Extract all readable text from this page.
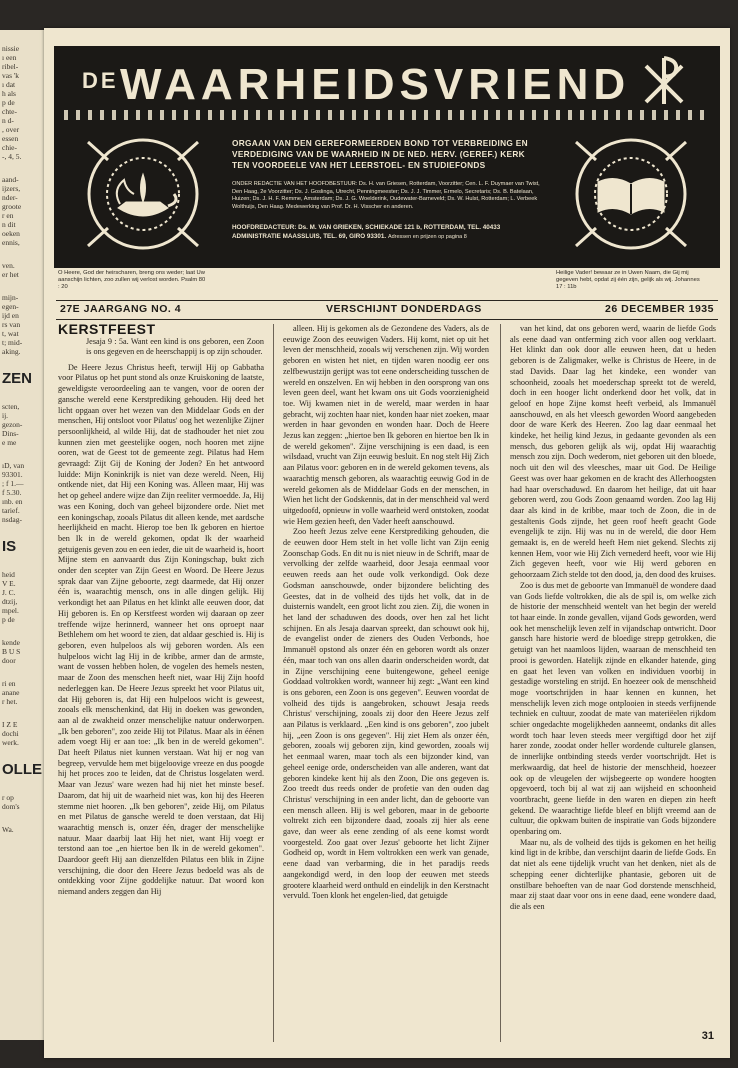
nissie
ı een
ribel-
vas 'k
ı dat
h als
p de
chte-
n d-
, over
essen
chie-
-, 4, 5.
aand-
ijzers,
nder-
groote
r en
n dit
oeken
ennis,
ven.
er het
mijn-
egen-
ijd en
rs van
t, wat
t; mid-
aking.
ZEN
scten,
ij.
gezon-
Dins-
e me
ıD, van
93301.
; f 1.—
f 5.30.
ınb. en
tarief.
nsdag-
IS
heid
V E.
J. C.
dtzij,
mpel.
p de
kende
B U S
door
ri en
anane
r het.
I Z E
dochi
werk.
OLLE
r op
dom's
Wa.
DE WAARHEIDSVRIEND
ORGAAN VAN DEN GEREFORMEERDEN BOND TOT VERBREIDING EN
VERDEDIGING VAN DE WAARHEID IN DE NED. HERV. (GEREF.) KERK
TEN VOORDEELE VAN HET LEERSTOEL- EN STUDIEFONDS
ONDER REDACTIE VAN HET HOOFDBESTUUR: Ds. H. van Griesen, Rotterdam, Voorzitter; Cen. L. F. Duymaer van Twist, Den Haag, 2e Voorzitter; Ds. J. Goslinga, Utrecht, Penningmeester; Ds. J. J. Timmer, Ermelo, Secretaris; Ds. B. Batelaan, Huizen; Ds. J. H. F. Remme, Amsterdam; Ds. J. G. Woelderink, Oudewater-Barneveld; Ds. W. Hulst, Rotterdam; L. Verbeek Wolthuijs, Den Haag. Medewerking van Prof. Dr. H. Visscher en anderen.
HOOFDREDACTEUR: Ds. M. VAN GRIEKEN, SCHIEKADE 121 b, ROTTERDAM, TEL. 40433
ADMINISTRATIE MAASSLUIS, TEL. 69, GIRO 93301. Adressen en prijzen op pagina 8
O Heere, God der heirscharen, breng ons weder; laat Uw aanschijn lichten, zoo zullen wij verlost worden. Psalm 80 : 20
Heilige Vader! bewaar ze in Uwen Naam, die Gij mij gegeven hebt, opdat zij één zijn, gelijk als wij. Johannes 17 : 11b
27E JAARGANG NO. 4	VERSCHIJNT DONDERDAGS	26 DECEMBER 1935
KERSTFEEST
Jesaja 9 : 5a. Want een kind is ons geboren, een Zoon is ons gegeven en de heerschappij is op zijn schouder.

De Heere Jezus Christus heeft, terwijl Hij op Gabbatha voor Pilatus op het punt stond als onze Kruiskoning de laatste, geweldigste veroordeeling aan te vangen, voor de ooren der gansche wereld eene Kerstprediking gehouden. Hij deed het licht opgaan over het wezen van den Middelaar Gods en der menschen, Hij ontsloot voor Pilatus' oog het wezenlijke Zijner persoonlijkheid, al wilde Hij, dat de stadhouder het niet zou kunnen zien met geestelijke oogen, noch hooren met zijne ooren, wat de Geest tot de gemeente zegt. Pilatus had Hem gevraagd: Zijt Gij de Koning der Joden? En het antwoord luidde: Mijn Koninkrijk is niet van deze wereld. Neen, Hij ontkende niet, dat Hij een Koning was. Alleen maar, Hij was het op geheel andere wijze dan Zijn reeliter vermoedde. Ja, Hij was een Koning, doch van geheel bijzondere orde. Niet met een koningschap, zooals Pilatus dit alleen kende, met aardsche heerlijkheid en macht. Hierop toe ben Ik geboren en hiertoe ben Ik in de wereld gekomen, opdat Ik der waarheid getuigenis geven zou en een ieder, die uit de waarheid is, hoort Mijne stem en aanvaardt dus Zijn Koningschap, bukt zich onder den scepter van Zijn Geest en Woord. De Heere Jezus sprak daar van Zijne geboorte, zegt daarmede, dat Hij onzer één is, waarachtig mensch, ons in alle dingen gelijk. Hij verkondigt het aan Pilatus en het klinkt alle eeuwen door, dat Hij geboren is. En op Kerstfeest worden wij daaraan op zeer treffende wijze herinnerd, wanneer het ons oproept naar Bethlehem om het woord te zien, dat aldaar geschied is. Hij is geboren, even hulpeloos als wij geboren worden. Als een hulpeloos wicht lag Hij in de kribbe, armer dan de armste, want de vossen hebben holen, de vogelen des hemels nesten, maar de Zoon des menschen heeft niet, waar Hij Zijn hoofd nederleggen kan. De Heere Jezus spreekt het voor Pilatus uit, dat Hij geboren is, dat Hij een hulpeloos wicht is geweest, zooals elk menschenkind, dat Hij in doeken was gewonden, aan al de zwakheid onzer menschelijke natuur onderworpen. „Ik ben geboren", zoo zeide Hij tot Pilatus. Maar als in éénen adem voegt Hij er aan toe: „Ik ben in de wereld gekomen". Dat heeft Pilatus niet kunnen verstaan. Wat hij er nog van begreep, vervulde hem met bijgeloovige vreeze en dus poogde hij het proces zoo te leiden, dat de Christus losgelaten werd. Maar van Jezus' ware wezen had hij niet het minste besef. Daarom, dat hij uit de waarheid niet was, kon hij des Heeren stemme niet hooren. „Ik ben geboren", zeide Hij, om Pilatus en met Pilatus de gansche wereld te doen verstaan, dat Hij waarachtig mensch is, onzer één, drager der menschelijke natuur. Maar daarbij laat Hij het niet, want Hij voegt er terstond aan toe „en hiertoe ben Ik in de wereld gekomen". Daardoor geeft Hij aan dienzelfden Pilatus een blik in Zijne verschijning, die door den Heere Jezus bedoeld was als de ontdekking voor Zijne goddelijke natuur. Dat woord kon niemand anders zeggen dan Hij

alleen. Hij is gekomen als de Gezondene des Vaders, als de eeuwige Zoon des eeuwigen Vaders. Hij komt, niet op uit het leven der menschheid, zooals wij verschenen zijn. Wij worden geboren en wisten het niet, en tijden waren noodig eer ons zelfbewustzijn gerijpt was tot eene onderscheiding tusschen de wereld en onszelven. En wij hebben in den oorsprong van ons leven geen deel, want het kwam ons uit Gods voorzienigheid toe. Wij kwamen niet in de wereld, maar werden in haar gebracht, wij zochten haar niet, konden haar niet zoeken, maar werden in haar gevonden en wonden haar. Doch de Heere Jezus kan zeggen: „hiertoe ben Ik geboren en hiertoe ben Ik in de wereld gekomen". Zijne verschijning is een daad, is een wilsdaad, vrucht van Zijn eeuwig besluit. En nog stelt Hij Zich aan Pilatus voor: geboren en in de wereld gekomen tevens, als waarachtig mensch geboren, als waarachtig eeuwig God in de wereld gekomen als de Middelaar Gods en der menschen, in Wien het licht der Godskennis, dat in der menschheid val werd uitgedoofd, opnieuw in volle waarheid werd ontstoken, zoodat wie Hem gezien heeft, den Vader heeft aanschouwd.

Zoo heeft Jezus zelve eene Kerstprediking gehouden, die de eeuwen door Hem stelt in het volle licht van Zijn eenig Zoonschap Gods. En dit nu is niet nieuw in de Schrift, maar de vervolking der zelfde waarheid, door Jesaja eenmaal voor eeuwen reeds aan het oude volk verkondigd. Ook deze Godsman aanschouwde, onder bijzondere belichting des Geestes, dat in de volheid des tijds het volk, dat in de duisternis wandelt, een groot licht zou zien. Zij, die wonen in het land der schaduwen des doods, over hen zal het licht schijnen. En als Jesaja daarvan spreekt, dan schouwt ook hij, de evangelist onder de zieners des Ouden Verbonds, hoe Immanuël opstond als onzer één en geboren wordt als onzer één, maar toch van ons allen daarin onderscheiden wordt, dat in Zijne verschijning eene buitengewone, geheel eenige Goddaad voltrokken wordt, wanneer hij zegt: „Want een kind is ons geboren, een Zoon is ons gegeven". Eeuwen voordat de volheid des tijds is aangebroken, schouwt Jesaja reeds Christus' verschijning, zooals zij door den Heere Jezus zelf aan Pilatus is verklaard. „Een kind is ons geboren", zoo jubelt hij, „een Zoon is ons gegeven". Hij ziet Hem als onzer één, geboren, zooals wij geboren zijn, kind geworden, zooals wij het eenmaal waren, maar toch als een bijzonder kind, van geheel eenige orde, onderscheiden van alle anderen, want dat geboren kindeke kent hij als den Zoon, Die ons gegeven is. Zoo treedt dus reeds onder de profetie van den ouden dag Christus' verschijning in een ander licht, dan de geboorte van een mensch alleen. Hij is wel geboren, maar in de geboorte voltrekt zich een bijzondere daad, zooals zij hier als eene gave, dan weer als eene zending of als eene komst wordt voorgesteld. Zoo gaat over Jezus' geboorte het licht Zijner Godheid op, wordt in Hem voltrokken een werk van genade, eene daad van verbarming, die in het paradijs reeds aangekondigd werd, in den loop der eeuwen met steeds grootere klaarheid werd onthuld en eindelijk in den Kerstnacht vervuld. Toen klonk het engelen-lied, dat getuigde

van het kind, dat ons geboren werd, waarin de liefde Gods als eene daad van ontferming zich voor allen oog verklaart. Het klinkt dan ook door alle eeuwen heen, dat u heden geboren is de Zaligmaker, welke is Christus de Heere, in de stad Davids. Daar lag het kindeke, een wonder van schoonheid, zooals het moederschap spreekt tot de wereld, doch in een hooger licht onderkend door het volk, dat in geloof en hope Zijne komst heeft verbeid, als Immanuël aanschouwd, en als het vleesch geworden Woord aangebeden door de ware Kerk des Heeren. Zoo lag daar eenmaal het kindeke, het heilig kind Jezus, in gedaante gevonden als een mensch, dus geboren gelijk als wij, opdat Hij waarachtig mensch zou zijn. Doch wederom, niet geboren uit den bloede, noch uit den wil des vleesches, maar uit God. De Heilige Geest was over haar gekomen en de kracht des Allerhoogsten had haar overschaduwd. En daarom het heilige, dat uit haar geboren werd, zou Gods Zoon genaamd worden. Zoo lag Hij daar als kind in de kribbe, maar toch de Zoon, die in de gestaltenis Gods zijnde, het geen roof heeft geacht Gode evengelijk te zijn. Hij was nu in de wereld, die door Hem gemaakt is, en de wereld heeft Hem niet gekend. Slechts zij kennen Hem, voor wie Hij Zich vernederd heeft, voor wie Hij Zich gegeven heeft, voor wie Hij werd geboren en gehoorzaam Zich stelde tot den dood, ja, den dood des kruises.

Zoo is dus met de geboorte van Immanuël de wondere daad van Gods liefde voltrokken, die als de spil is, om welke zich de historie der menschheid wentelt van het begin der wereld tot haar einde. In zonde gevallen, vijand Gods geworden, werd ook het menschelijk leven zelf in vijandschap ontwricht. Door gansch hare historie werd de bloedige strepp getrokken, die getuigt van het naamloos lijden, waaraan de menschheid ten prooi is geworden. Hatelijk zijnde en elkander hatende, ging en gaat het leven van volken en individuen voorbij in gestadige worsteling en strijd. En hoezeer ook de menschheid moge voortschrijden in haar kennen en kunnen, het menschelijk leven zich moge ontplooien in steeds verfijnende techniek en cultuur, zoodat de mate van materiëelen rijkdom schier ongedachte mogelijkheden aanneemt, ondanks dit alles wordt toch haar leven steeds meer vergiftigd door het zijf harer zonde, zoodat onder heller wordende culturele glansen, de innerlijke ontbinding steeds verder voortschrijdt. Het is merkwaardig, dat heel de historie der menschheid, hoezeer ook op de vleugelen der wijsbegeerte op wondere hoogten opgevoerd, toch bij al wat zij aan wijsheid en schoonheid voortbracht, geene liefde in den waren en diepen zin heeft gekend. De waarachtige liefde bleef en blijft vreemd aan de cultuur, die opkwam buiten de inspiratie van Gods bijzondere openbaring om.

Maar nu, als de volheid des tijds is gekomen en het heilig kind ligt in de kribbe, dan verschijnt daarin de liefde Gods. En dat niet als eene tijdelijk vrucht van het denken, niet als de schepping eener dichterlijke phantasie, geboren uit de onstilbare behoeften van de naar God dorstende menschheid, maar zij staat daar voor ons in eene daad, eene wondere daad, die als een

31
